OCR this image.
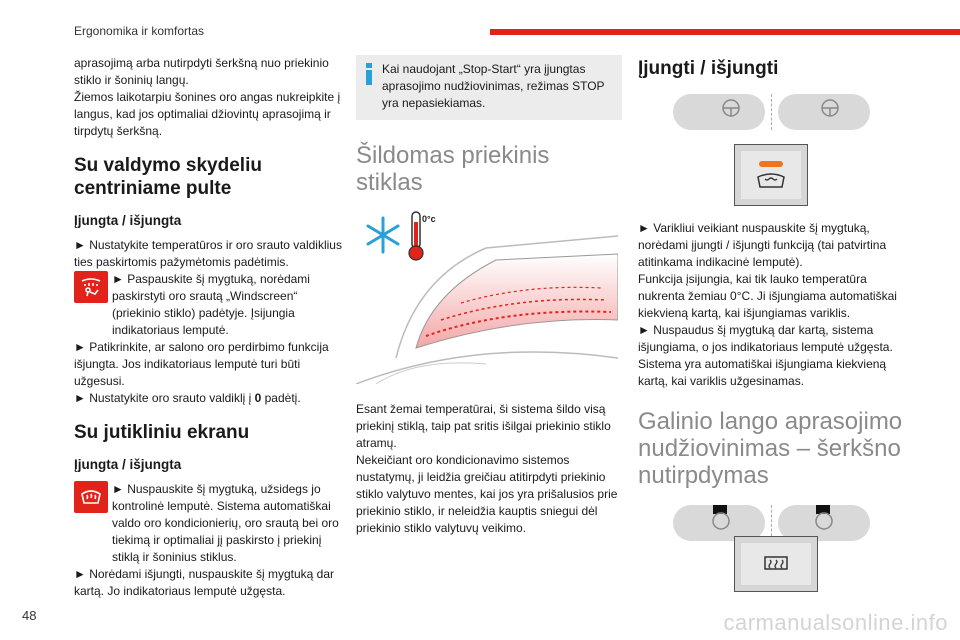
Ergonomika ir komfortas

aprasojimą arba nutirpdyti šerkšną nuo priekinio stiklo ir šoninių langų.

Žiemos laikotarpiu šonines oro angas nukreipkite į langus, kad jos optimaliai džiovintų aprasojimą ir tirpdytų šerkšną.

Su valdymo skydeliu centriniame pulte
Įjungta / išjungta

► Nustatykite temperatūros ir oro srauto valdiklius ties paskirtomis pažymėtomis padėtimis.

► Paspauskite šį mygtuką, norėdami paskirstyti oro srautą „Windscreen“ (priekinio stiklo) padėtyje. Įsijungia indikatoriaus lemputė.

► Patikrinkite, ar salono oro perdirbimo funkcija išjungta. Jos indikatoriaus lemputė turi būti užgesusi.

► Nustatykite oro srauto valdiklį į 0 padėtį.

Su jutikliniu ekranu
Įjungta / išjungta

► Nuspauskite šį mygtuką, užsidegs jo kontrolinė lemputė. Sistema automatiškai valdo oro kondicionierių, oro srautą bei oro tiekimą ir optimaliai jį paskirsto į priekinį stiklą ir šoninius stiklus.

► Norėdami išjungti, nuspauskite šį mygtuką dar kartą. Jo indikatoriaus lemputė užgęsta.

Kai naudojant „Stop-Start“ yra įjungtas aprasojimo nudžiovinimas, režimas STOP yra nepasiekiamas.
Šildomas priekinis stiklas
0°c

Esant žemai temperatūrai, ši sistema šildo visą priekinį stiklą, taip pat sritis išilgai priekinio stiklo atramų.

Nekeičiant oro kondicionavimo sistemos nustatymų, ji leidžia greičiau atitirpdyti priekinio stiklo valytuvo mentes, kai jos yra prišalusios prie priekinio stiklo, ir neleidžia kauptis sniegui dėl priekinio stiklo valytuvų veikimo.

Įjungti / išjungti

► Varikliui veikiant nuspauskite šį mygtuką, norėdami įjungti / išjungti funkciją (tai patvirtina atitinkama indikacinė lemputė).

Funkcija įsijungia, kai tik lauko temperatūra nukrenta žemiau 0°C. Ji išjungiama automatiškai kiekvieną kartą, kai išjungiamas variklis.

► Nuspaudus šį mygtuką dar kartą, sistema išjungiama, o jos indikatoriaus lemputė užgęsta.

Sistema yra automatiškai išjungiama kiekvieną kartą, kai variklis užgesinamas.

Galinio lango aprasojimo nudžiovinimas – šerkšno nutirpdymas
48	carmanualsonline.info
